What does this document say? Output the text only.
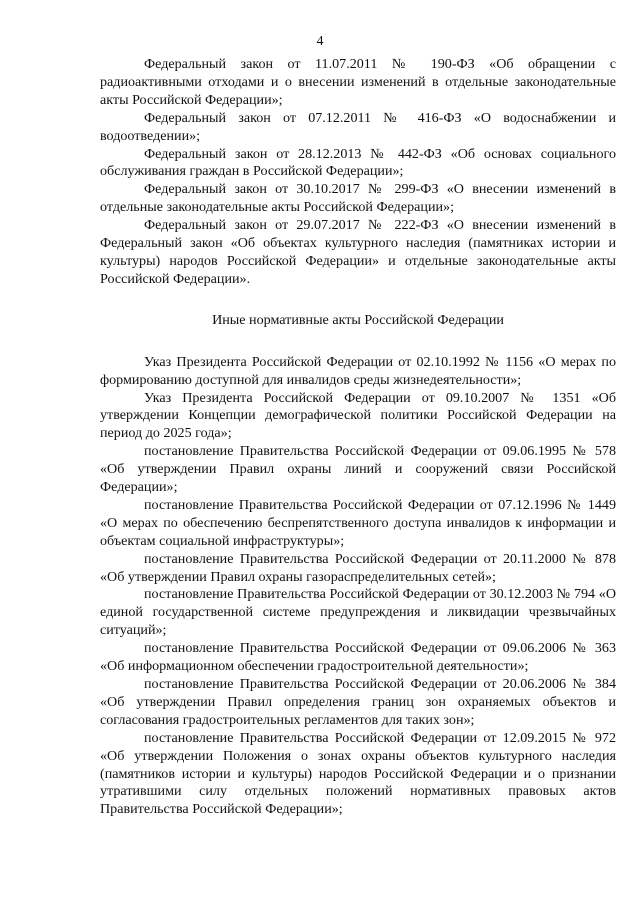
4

Федеральный закон от 11.07.2011 № 190-ФЗ «Об обращении с радиоактивными отходами и о внесении изменений в отдельные законодательные акты Российской Федерации»;

Федеральный закон от 07.12.2011 № 416-ФЗ «О водоснабжении и водоотведении»;

Федеральный закон от 28.12.2013 № 442-ФЗ «Об основах социального обслуживания граждан в Российской Федерации»;

Федеральный закон от 30.10.2017 № 299-ФЗ «О внесении изменений в отдельные законодательные акты Российской Федерации»;

Федеральный закон от 29.07.2017 № 222-ФЗ «О внесении изменений в Федеральный закон «Об объектах культурного наследия (памятниках истории и культуры) народов Российской Федерации» и отдельные законодательные акты Российской Федерации».

Иные нормативные акты Российской Федерации

Указ Президента Российской Федерации от 02.10.1992 № 1156 «О мерах по формированию доступной для инвалидов среды жизнедеятельности»;

Указ Президента Российской Федерации от 09.10.2007 № 1351 «Об утверждении Концепции демографической политики Российской Федерации на период до 2025 года»;

постановление Правительства Российской Федерации от 09.06.1995 № 578 «Об утверждении Правил охраны линий и сооружений связи Российской Федерации»;

постановление Правительства Российской Федерации от 07.12.1996 № 1449 «О мерах по обеспечению беспрепятственного доступа инвалидов к информации и объектам социальной инфраструктуры»;

постановление Правительства Российской Федерации от 20.11.2000 № 878 «Об утверждении Правил охраны газораспределительных сетей»;

постановление Правительства Российской Федерации от 30.12.2003 № 794 «О единой государственной системе предупреждения и ликвидации чрезвычайных ситуаций»;

постановление Правительства Российской Федерации от 09.06.2006 № 363 «Об информационном обеспечении градостроительной деятельности»;

постановление Правительства Российской Федерации от 20.06.2006 № 384 «Об утверждении Правил определения границ зон охраняемых объектов и согласования градостроительных регламентов для таких зон»;

постановление Правительства Российской Федерации от 12.09.2015 № 972 «Об утверждении Положения о зонах охраны объектов культурного наследия (памятников истории и культуры) народов Российской Федерации и о признании утратившими силу отдельных положений нормативных правовых актов Правительства Российской Федерации»;
